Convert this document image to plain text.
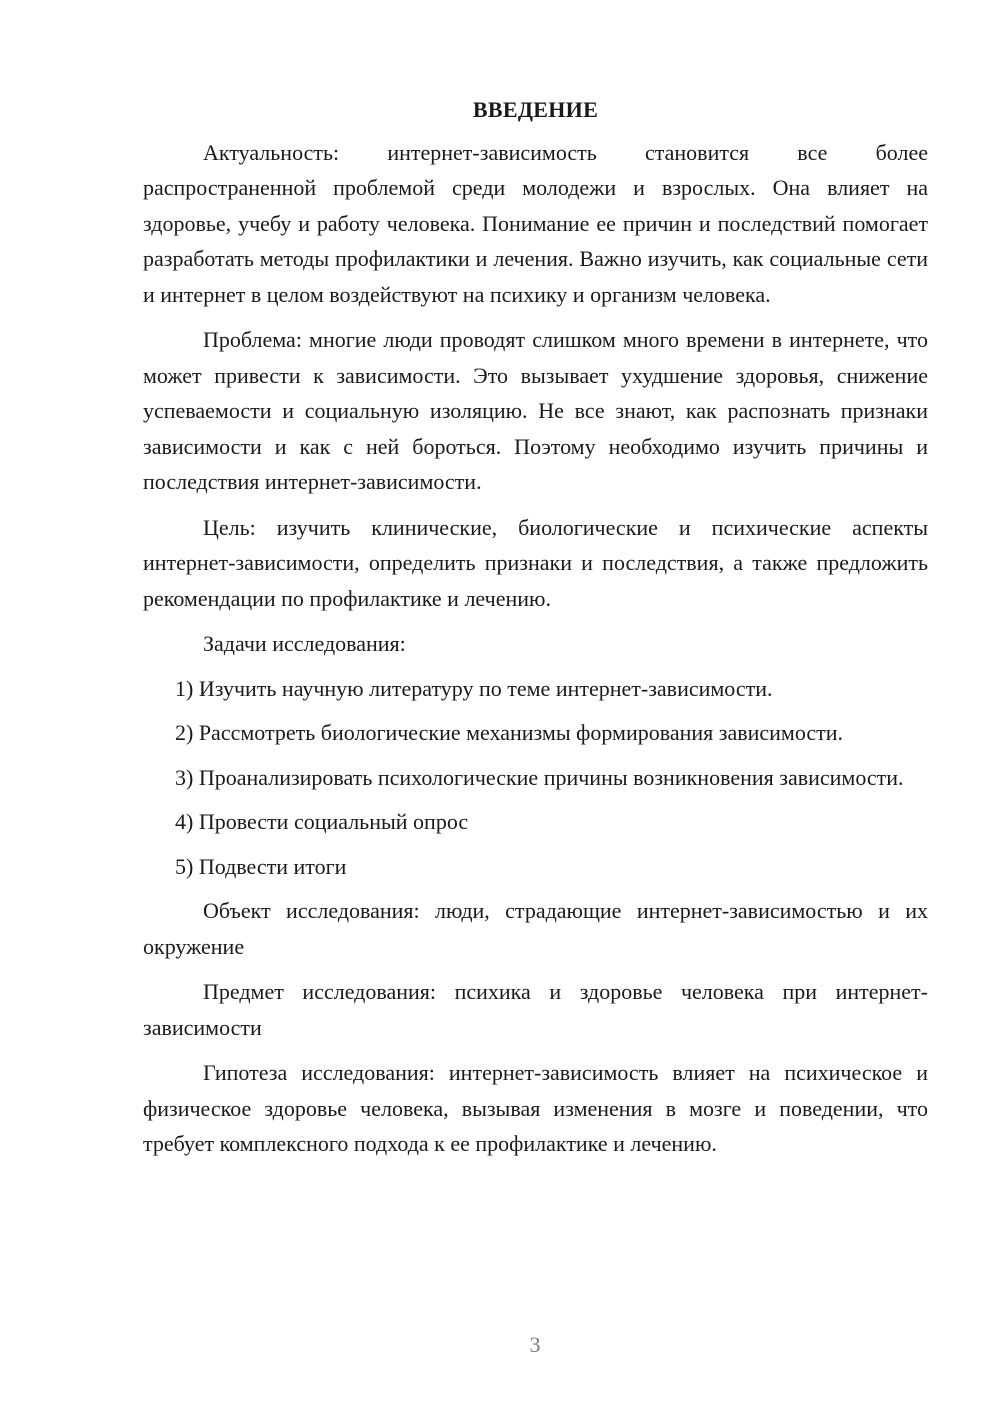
ВВЕДЕНИЕ

Актуальность: интернет-зависимость становится все более распространенной проблемой среди молодежи и взрослых. Она влияет на здоровье, учебу и работу человека. Понимание ее причин и последствий помогает разработать методы профилактики и лечения. Важно изучить, как социальные сети и интернет в целом воздействуют на психику и организм человека.

Проблема: многие люди проводят слишком много времени в интернете, что может привести к зависимости. Это вызывает ухудшение здоровья, снижение успеваемости и социальную изоляцию. Не все знают, как распознать признаки зависимости и как с ней бороться. Поэтому необходимо изучить причины и последствия интернет-зависимости.

Цель: изучить клинические, биологические и психические аспекты интернет-зависимости, определить признаки и последствия, а также предложить рекомендации по профилактике и лечению.

Задачи исследования:

1) Изучить научную литературу по теме интернет-зависимости.

2) Рассмотреть биологические механизмы формирования зависимости.

3) Проанализировать психологические причины возникновения зависимости.

4) Провести социальный опрос

5) Подвести итоги

Объект исследования: люди, страдающие интернет-зависимостью и их окружение

Предмет исследования: психика и здоровье человека при интернет-зависимости

Гипотеза исследования: интернет-зависимость влияет на психическое и физическое здоровье человека, вызывая изменения в мозге и поведении, что требует комплексного подхода к ее профилактике и лечению.

3
